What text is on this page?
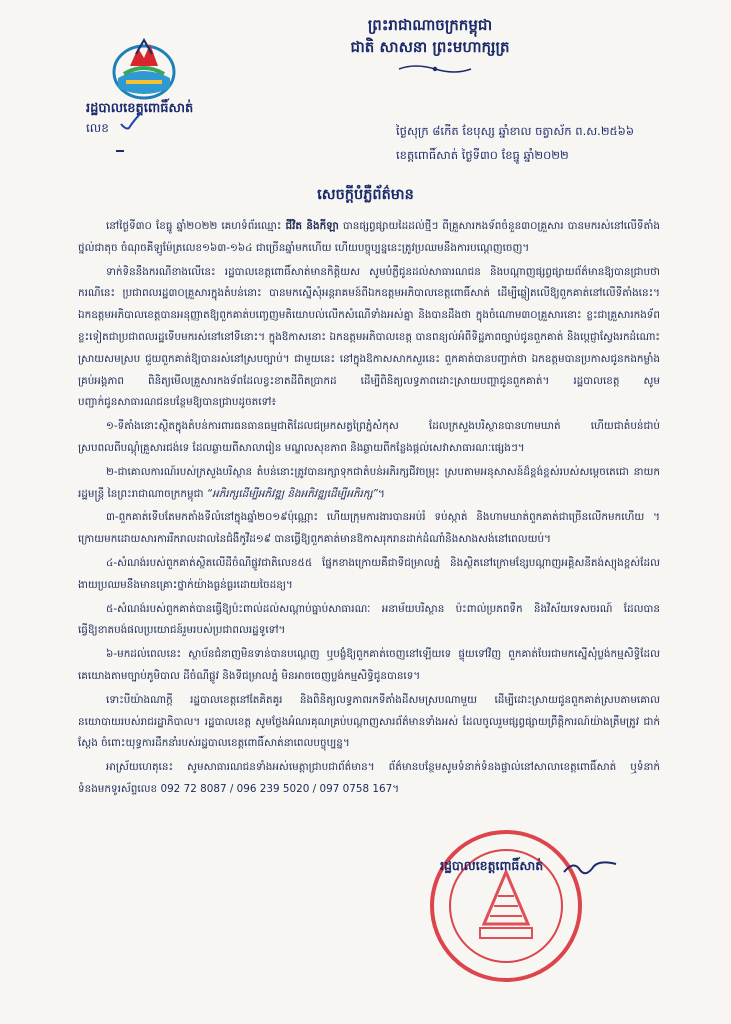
ព្រះរាជាណាចក្រកម្ពុជា
ជាតិ សាសនា ព្រះមហាក្សត្រ
រដ្ឋបាលខេត្តពោធិ៍សាត់
លេខ	ថ្ងៃសុក្រ ៨កើត ខែបុស្ស ឆ្នាំខាល ចត្វាស័ក ព.ស.២៥៦៦
ខេត្តពោធិ៍សាត់ ថ្ងៃទី៣០ ខែធ្នូ ឆ្នាំ២០២២
សេចក្តីបំភ្លឺព័ត៌មាន

នៅថ្ងៃទី៣០ ខែធ្នូ ឆ្នាំ២០២២ គេហទំព័រឈ្មោះ ជីវិត និងកីឡា បានផ្សព្វផ្សាយដៃដល់ថ្មីៗ ពីគ្រួសារកងទ័ពចំនួន៣០គ្រួសារ បានមករស់នៅលើទីតាំងថ្នល់ជាតុច ចំណុចគីឡូម៉ែត្រលេខ១៦៣-១៦៤ ជាច្រើនឆ្នាំមកហើយ ហើយបច្ចុប្បន្ននេះត្រូវប្រឈមនឹងការបណ្តេញចេញ។

ទាក់ទិននឹងករណីខាងលើនេះ រដ្ឋបាលខេត្តពោធិ៍សាត់មានកិត្តិយស សូមបំភ្លឺជូនដល់សាធារណជន និងបណ្តាញផ្សព្វផ្សាយព័ត៌មានឱ្យបានជ្រាបថា ករណីនេះ ប្រជាពលរដ្ឋ៣០គ្រួសារក្នុងតំបន់នោះ បានមកស្នើសុំអន្តរាគមន៍ពីឯកឧត្តមអភិបាលខេត្តពោធិ៍សាត់ ដើម្បីឆ្លៀតលើឱ្យពួកគាត់នៅលើទីតាំងនេះ។ ឯកឧត្តមអភិបាលខេត្តបានអនុញ្ញាតឱ្យពួកគាត់បញ្ចេញមតិយោបល់លើកសំណើទាំងអស់គ្នា និងបានដឹងថា ក្នុងចំណោម៣០គ្រួសារនោះ ខ្លះជាគ្រួសារកងទ័ព ខ្លះទៀតជាប្រជាពលរដ្ឋទើបមករស់នៅនៅទីនោះ។ ក្នុងឱកាសនោះ ឯកឧត្តមអភិបាលខេត្ត បានពន្យល់អំពីទិដ្ឋភាពច្បាប់ជូនពួកគាត់ និងប្តេជ្ញាស្វែងរកដំណោះស្រាយសមស្រប ជួយពួកគាត់ឱ្យបានរស់នៅស្របច្បាប់។ ជាមួយនេះ នៅក្នុងឱកាសសាកសួរនេះ ពួកគាត់បានបញ្ជាក់ថា ឯកឧត្តមបានប្រកាសជូនកងកម្លាំងគ្រប់អង្គភាព ពិនិត្យមើលគ្រួសារកងទ័ពដែលខ្វះខាតដីពិតប្រាកដ ដើម្បីពិនិត្យលទ្ធភាពដោះស្រាយបញ្ហាជូនពួកគាត់។ រដ្ឋបាលខេត្ត សូមបញ្ជាក់ជូនសាធារណជនបន្ថែមឱ្យបានជ្រាបដូចតទៅ៖

១-ទីតាំងនោះស្ថិតក្នុងតំបន់ការពារធនធានធម្មជាតិដែលជម្រកសត្វព្រៃភ្នំសំកុស ដែលក្រសួងបរិស្ថានបានហាមឃាត់ ហើយជាតំបន់ជាប់ស្របពលពីបណ្តុំគ្រួសារជង់ទេ ដែលឆ្ងាយពីសាលារៀន មណ្ឌលសុខភាព និងឆ្ងាយពីកន្លែងផ្តល់សេវាសាធារណៈផ្សេងៗ។

២-ជាគោលការណ៍របស់ក្រសួងបរិស្ថាន តំបន់នោះត្រូវបានរក្សាទុកជាតំបន់អភិរក្សជីវចម្រុះ ស្របតាមអនុសាសន៍ដ៏ខ្ពង់ខ្ពស់របស់សម្តេចតេជោ នាយករដ្ឋមន្ត្រី នៃព្រះរាជាណាចក្រកម្ពុជា “អភិរក្សដើម្បីអភិវឌ្ឍ និងអភិវឌ្ឍដើម្បីអភិរក្ស”។

៣-ពួកគាត់ទើបតែមកតាំងទីលំនៅក្នុងឆ្នាំ២០១៩ប៉ុណ្ណោះ ហើយក្រុមការងារបានអប់រំ ទប់ស្កាត់ និងហាមឃាត់ពួកគាត់ជាច្រើនលើកមកហើយ ។ ក្រោយមកដោយសារការរីករាលដាលនៃជំងឺកូវីដ១៩ បានធ្វើឱ្យពួកគាត់មានឱកាសរុករានដាក់ដំណាំនិងសាងសង់នៅពេលយប់។

៤-សំណង់របស់ពួកគាត់ស្ថិតលើដីចំណីផ្លូវជាតិលេខ៥៥ ផ្នែកខាងក្រោយគឺជាទីជម្រាលភ្នំ និងស្ថិតនៅក្រោមខ្សែបណ្តាញអគ្គិសនីតង់ស្យុងខ្ពស់ដែលងាយប្រឈមនឹងមានគ្រោះថ្នាក់យ៉ាងធ្ងន់ធ្ងរដោយចៃដន្យ។

៥-សំណង់របស់ពួកគាត់បានធ្វើឱ្យប៉ះពាល់ដល់សណ្តាប់ធ្នាប់សាធារណៈ អនាម័យបរិស្ថាន ប៉ះពាល់ប្រភពទឹក និងវិស័យទេសចរណ៍ ដែលបានធ្វើឱ្យខាតបង់ផលប្រយោជន៍រួមរបស់ប្រជាពលរដ្ឋទូទៅ។

៦-មកដល់ពេលនេះ ស្ថាប័នជំនាញមិនទាន់បានបណ្តេញ ឬបង្ខំឱ្យពួកគាត់ចេញនៅឡើយទេ ផ្ទុយទៅវិញ ពួកគាត់បែរជាមកស្នើសុំប្លង់កម្មសិទ្ធិដែលគេយោងតាមច្បាប់ភូមិបាល ដីចំណីផ្លូវ និងទីជម្រាលភ្នំ មិនអាចចេញប្លង់កម្មសិទ្ធិជូនបានទេ។

ទោះបីយ៉ាងណាក្តី រដ្ឋបាលខេត្តនៅតែគិតគូរ និងពិនិត្យលទ្ធភាពរកទីតាំងដីសមស្របណាមួយ ដើម្បីដោះស្រាយជូនពួកគាត់ស្របតាមគោលនយោបាយរបស់រាជរដ្ឋាភិបាល។ រដ្ឋបាលខេត្ត សូមថ្លែងអំណរគុណគ្រប់បណ្តាញសារព័ត៌មានទាំងអស់ ដែលចូលរួមផ្សព្វផ្សាយព្រឹត្តិការណ៍យ៉ាងត្រឹមត្រូវ ជាក់ស្តែង ចំពោះយុទ្ធការដឹកនាំរបស់រដ្ឋបាលខេត្តពោធិ៍សាត់នាពេលបច្ចុប្បន្ន។

អាស្រ័យហេតុនេះ សូមសាធារណជនទាំងអស់មេត្តាជ្រាបជាព័ត៌មាន។ ព័ត៌មានបន្ថែមសូមទំនាក់ទំនងផ្ទាល់នៅសាលាខេត្តពោធិ៍សាត់ ឬទំនាក់ទំនងមកទូរស័ព្ទលេខ 092 72 8087 / 096 239 5020 / 097 0758 167។

រដ្ឋបាលខេត្តពោធិ៍សាត់
